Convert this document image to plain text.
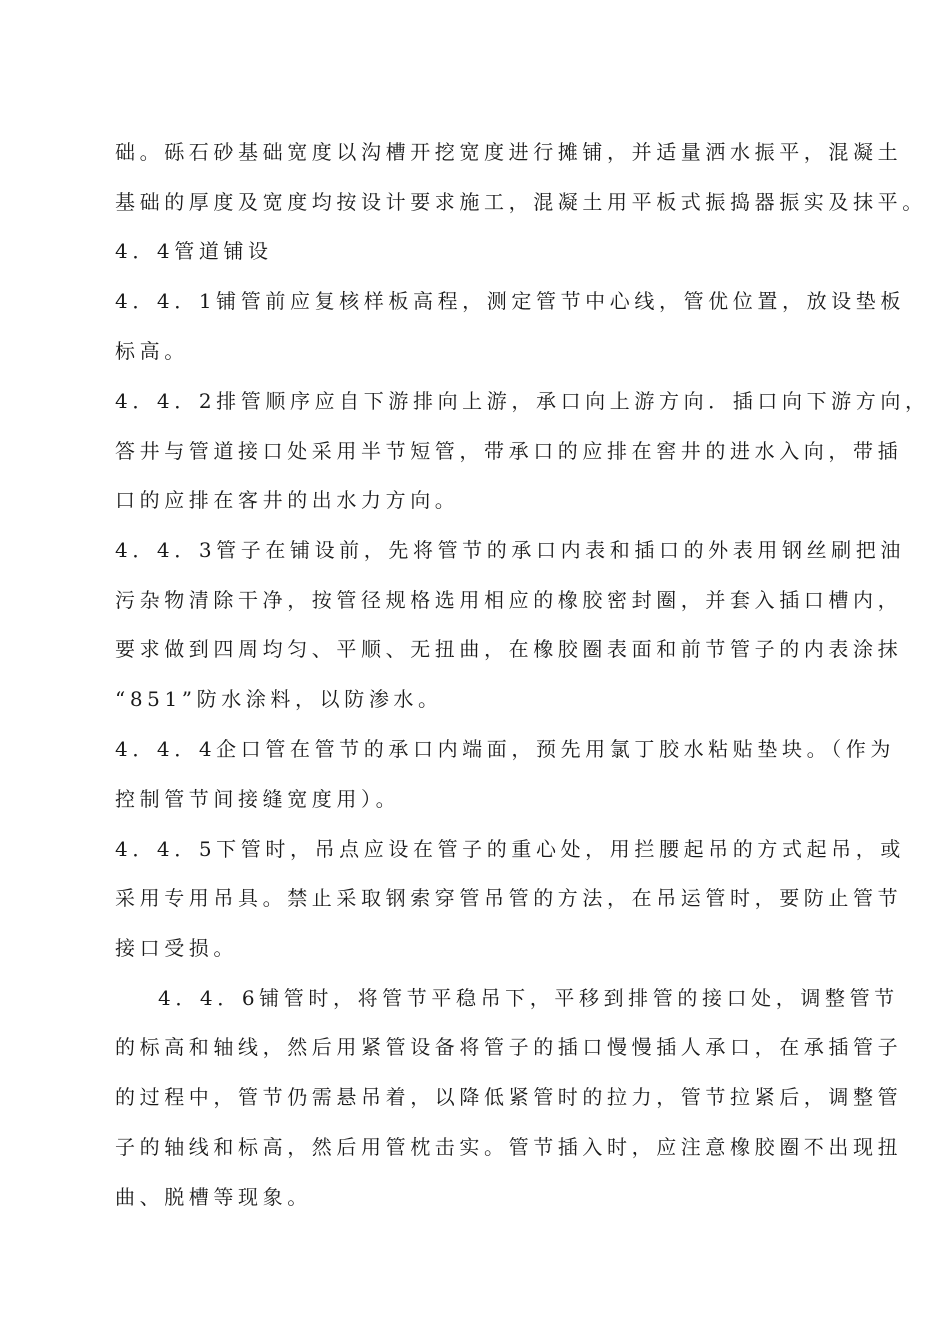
础。砾石砂基础宽度以沟槽开挖宽度进行摊铺，并适量洒水振平，混凝土
基础的厚度及宽度均按设计要求施工，混凝土用平板式振捣器振实及抹平。
4．4管道铺设
4．4．1铺管前应复核样板高程，测定管节中心线，管优位置，放设垫板
标高。
4．4．2排管顺序应自下游排向上游，承口向上游方向．插口向下游方向，
答井与管道接口处采用半节短管，带承口的应排在窖井的进水入向，带插
口的应排在客井的出水力方向。
4．4．3管子在铺设前，先将管节的承口内表和插口的外表用钢丝刷把油
污杂物清除干净，按管径规格选用相应的橡胶密封圈，并套入插口槽内，
要求做到四周均匀、平顺、无扭曲，在橡胶圈表面和前节管子的内表涂抹
“851”防水涂料，以防渗水。
4．4．4企口管在管节的承口内端面，预先用氯丁胶水粘贴垫块。（作为
控制管节间接缝宽度用）。
4．4．5下管时，吊点应设在管子的重心处，用拦腰起吊的方式起吊，或
采用专用吊具。禁止采取钢索穿管吊管的方法，在吊运管时，要防止管节
接口受损。
4．4．6铺管时，将管节平稳吊下，平移到排管的接口处，调整管节
的标高和轴线，然后用紧管设备将管子的插口慢慢插人承口，在承插管子
的过程中，管节仍需悬吊着，以降低紧管时的拉力，管节拉紧后，调整管
子的轴线和标高，然后用管枕击实。管节插入时，应注意橡胶圈不出现扭
曲、脱槽等现象。
